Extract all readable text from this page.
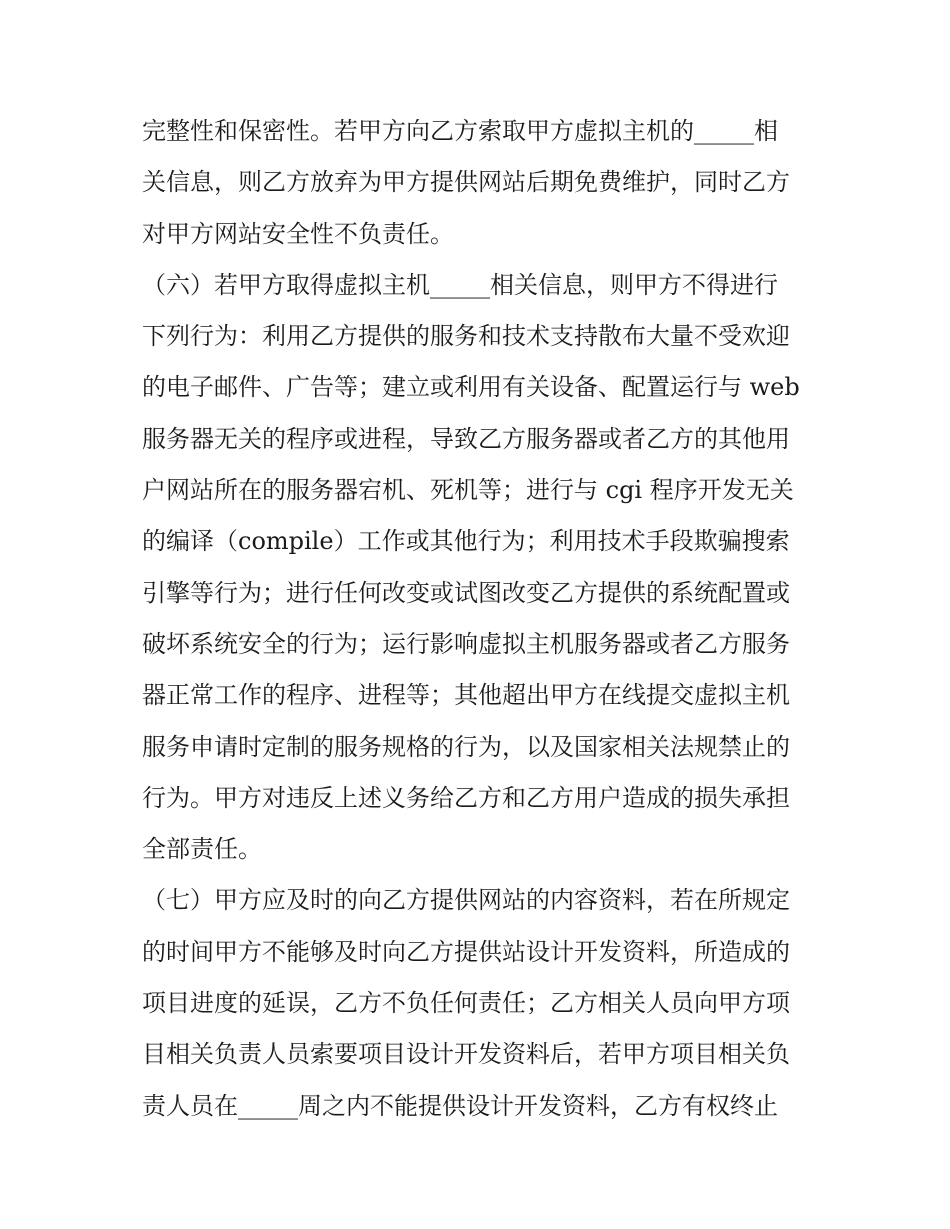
完整性和保密性。若甲方向乙方索取甲方虚拟主机的_____相
关信息，则乙方放弃为甲方提供网站后期免费维护，同时乙方
对甲方网站安全性不负责任。
（六）若甲方取得虚拟主机_____相关信息，则甲方不得进行
下列行为：利用乙方提供的服务和技术支持散布大量不受欢迎
的电子邮件、广告等；建立或利用有关设备、配置运行与 web
服务器无关的程序或进程，导致乙方服务器或者乙方的其他用
户网站所在的服务器宕机、死机等；进行与 cgi 程序开发无关
的编译（compile）工作或其他行为；利用技术手段欺骗搜索
引擎等行为；进行任何改变或试图改变乙方提供的系统配置或
破坏系统安全的行为；运行影响虚拟主机服务器或者乙方服务
器正常工作的程序、进程等；其他超出甲方在线提交虚拟主机
服务申请时定制的服务规格的行为，以及国家相关法规禁止的
行为。甲方对违反上述义务给乙方和乙方用户造成的损失承担
全部责任。
（七）甲方应及时的向乙方提供网站的内容资料，若在所规定
的时间甲方不能够及时向乙方提供站设计开发资料，所造成的
项目进度的延误，乙方不负任何责任；乙方相关人员向甲方项
目相关负责人员索要项目设计开发资料后，若甲方项目相关负
责人员在_____周之内不能提供设计开发资料，乙方有权终止
